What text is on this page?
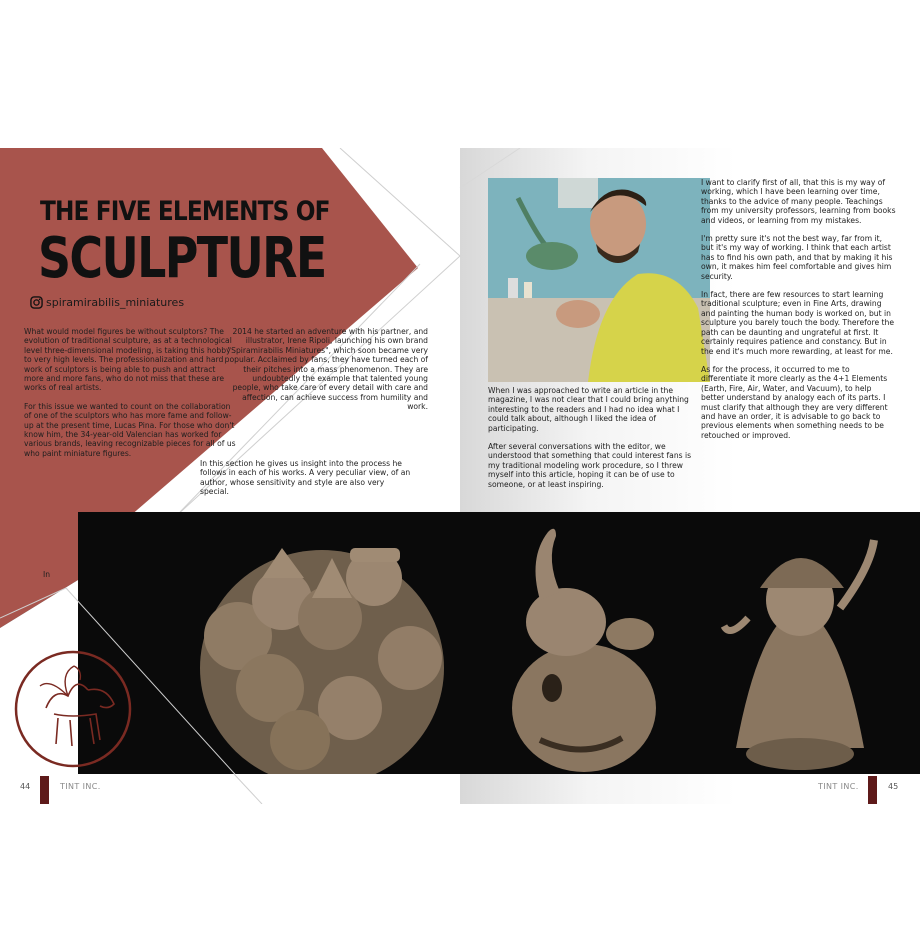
THE FIVE ELEMENTS OF
SCULPTURE
spiramirabilis_miniatures

What would model figures be without sculptors? The evolution of traditional sculpture, as at a technological level three-dimensional modeling, is taking this hobby to very high levels. The professionalization and hard work of sculptors is being able to push and attract more and more fans, who do not miss that these are works of real artists.

For this issue we wanted to count on the collaboration of one of the sculptors who has more fame and follow-up at the present time, Lucas Pina. For those who don't know him, the 34-year-old Valencian has worked for various brands, leaving recognizable pieces for all of us who paint miniature figures.

In

2014 he started an adventure with his partner, and illustrator, Irene Ripoli, launching his own brand "Spiramirabilis Miniatures", which soon became very popular. Acclaimed by fans, they have turned each of their pitches into a mass phenomenon. They are undoubtedly the example that talented young people, who take care of every detail with care and affection, can achieve success from humility and work.

In this section he gives us insight into the process he follows in each of his works. A very peculiar view, of an author, whose sensitivity and style are also very special.

When I was approached to write an article in the magazine, I was not clear that I could bring anything interesting to the readers and I had no idea what I could talk about, although I liked the idea of participating.

After several conversations with the editor, we understood that something that could interest fans is my traditional modeling work procedure, so I threw myself into this article, hoping it can be of use to someone, or at least inspiring.

I want to clarify first of all, that this is my way of working, which I have been learning over time, thanks to the advice of many people. Teachings from my university professors, learning from books and videos, or learning from my mistakes.

I'm pretty sure it's not the best way, far from it, but it's my way of working. I think that each artist has to find his own path, and that by making it his own, it makes him feel comfortable and gives him security.

In fact, there are few resources to start learning traditional sculpture; even in Fine Arts, drawing and painting the human body is worked on, but in sculpture you barely touch the body. Therefore the path can be daunting and ungrateful at first. It certainly requires patience and constancy. But in the end it's much more rewarding, at least for me.

As for the process, it occurred to me to differentiate it more clearly as the 4+1 Elements (Earth, Fire, Air, Water, and Vacuum), to help better understand by analogy each of its parts. I must clarify that although they are very different and have an order, it is advisable to go back to previous elements when something needs to be retouched or improved.

44	TINT INC.	TINT INC.	45
